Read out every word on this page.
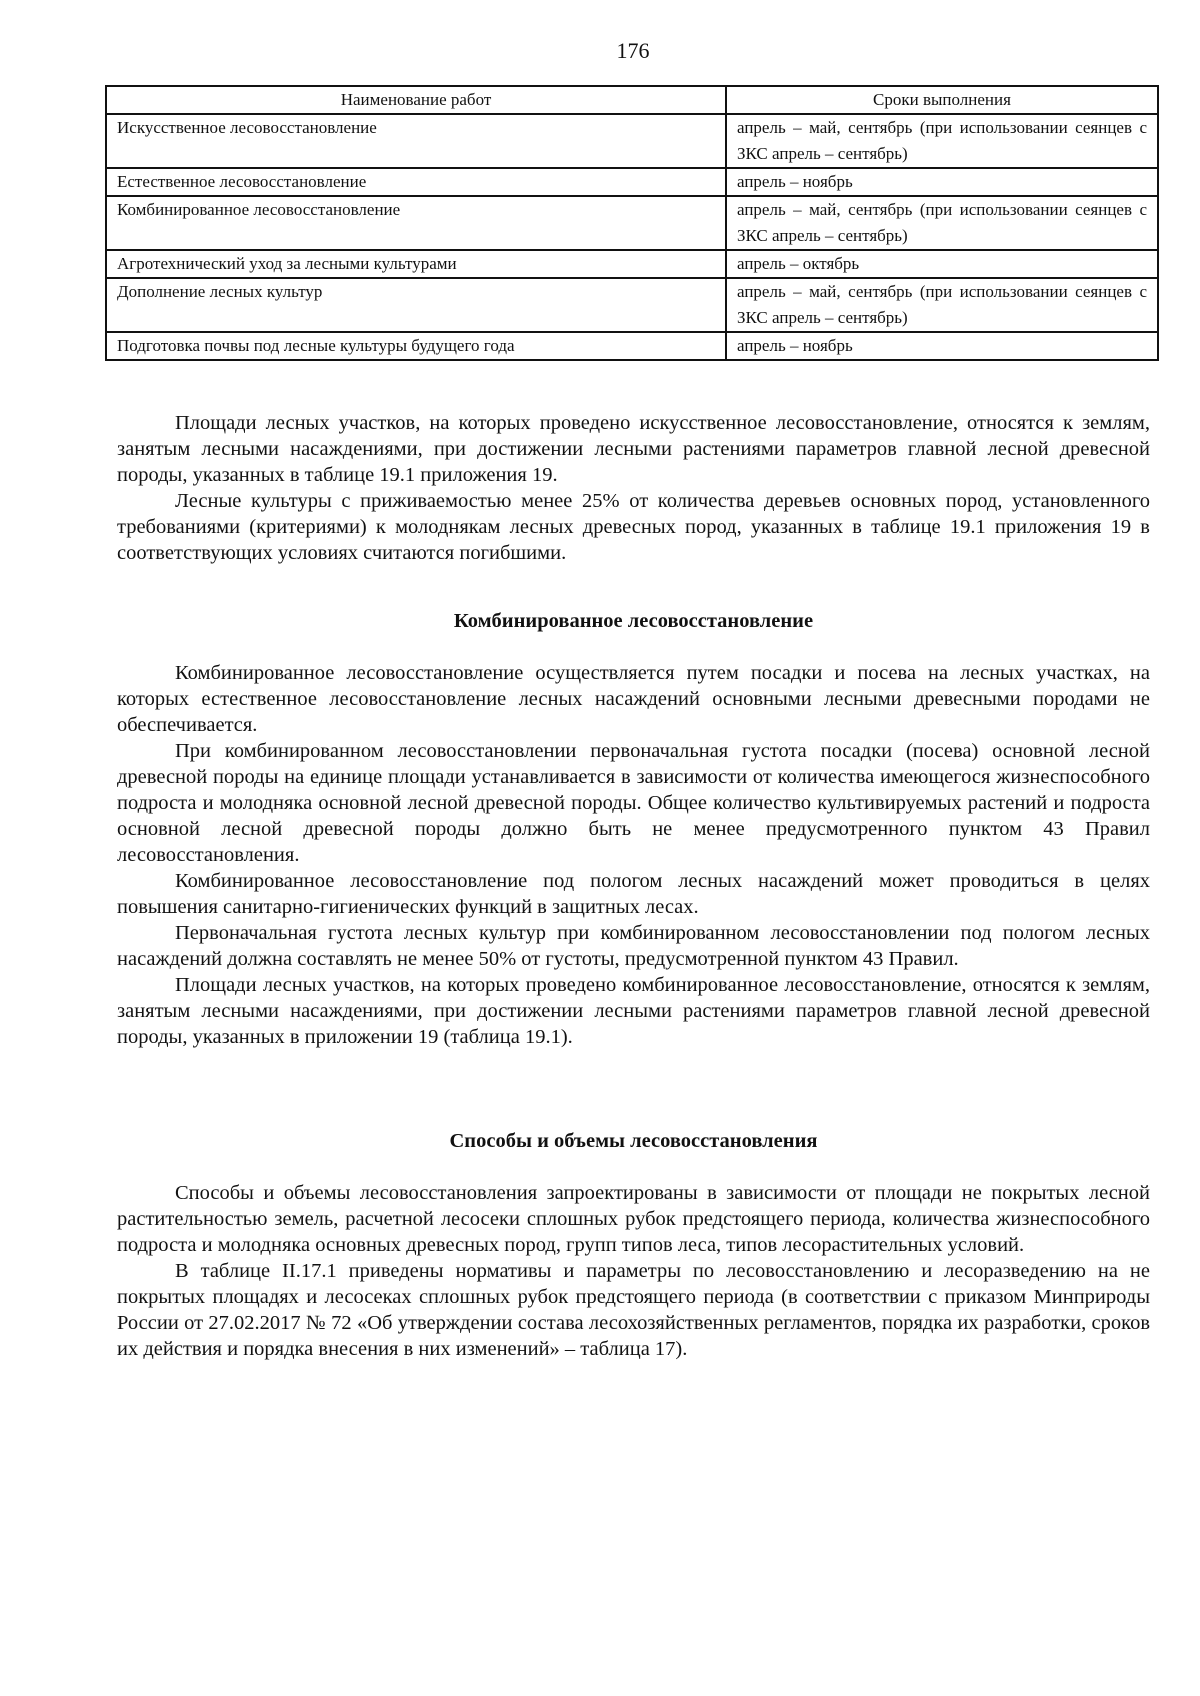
176
Наименование работ	Сроки выполнения
Искусственное лесовосстановление	апрель – май, сентябрь (при использовании сеянцев с ЗКС апрель – сентябрь)
Естественное лесовосстановление	апрель – ноябрь
Комбинированное лесовосстановление	апрель – май, сентябрь (при использовании сеянцев с ЗКС апрель – сентябрь)
Агротехнический уход за лесными культурами	апрель – октябрь
Дополнение лесных культур	апрель – май, сентябрь (при использовании сеянцев с ЗКС апрель – сентябрь)
Подготовка почвы под лесные культуры будущего года	апрель – ноябрь

Площади лесных участков, на которых проведено искусственное лесовосстановление, относятся к землям, занятым лесными насаждениями, при достижении лесными растениями параметров главной лесной древесной породы, указанных в таблице 19.1 приложения 19.

Лесные культуры с приживаемостью менее 25% от количества деревьев основных пород, установленного требованиями (критериями) к молоднякам лесных древесных пород, указанных в таблице 19.1 приложения 19 в соответствующих условиях считаются погибшими.

Комбинированное лесовосстановление

Комбинированное лесовосстановление осуществляется путем посадки и посева на лесных участках, на которых естественное лесовосстановление лесных насаждений основными лесными древесными породами не обеспечивается.

При комбинированном лесовосстановлении первоначальная густота посадки (посева) основной лесной древесной породы на единице площади устанавливается в зависимости от количества имеющегося жизнеспособного подроста и молодняка основной лесной древесной породы. Общее количество культивируемых растений и подроста основной лесной древесной породы должно быть не менее предусмотренного пунктом 43 Правил лесовосстановления.

Комбинированное лесовосстановление под пологом лесных насаждений может проводиться в целях повышения санитарно-гигиенических функций в защитных лесах.

Первоначальная густота лесных культур при комбинированном лесовосстановлении под пологом лесных насаждений должна составлять не менее 50% от густоты, предусмотренной пунктом 43 Правил.

Площади лесных участков, на которых проведено комбинированное лесовосстановление, относятся к землям, занятым лесными насаждениями, при достижении лесными растениями параметров главной лесной древесной породы, указанных в приложении 19 (таблица 19.1).

Способы и объемы лесовосстановления

Способы и объемы лесовосстановления запроектированы в зависимости от площади не покрытых лесной растительностью земель, расчетной лесосеки сплошных рубок предстоящего периода, количества жизнеспособного подроста и молодняка основных древесных пород, групп типов леса, типов лесорастительных условий.

В таблице II.17.1 приведены нормативы и параметры по лесовосстановлению и лесоразведению на не покрытых площадях и лесосеках сплошных рубок предстоящего периода (в соответствии с приказом Минприроды России от 27.02.2017 № 72 «Об утверждении состава лесохозяйственных регламентов, порядка их разработки, сроков их действия и порядка внесения в них изменений» – таблица 17).
